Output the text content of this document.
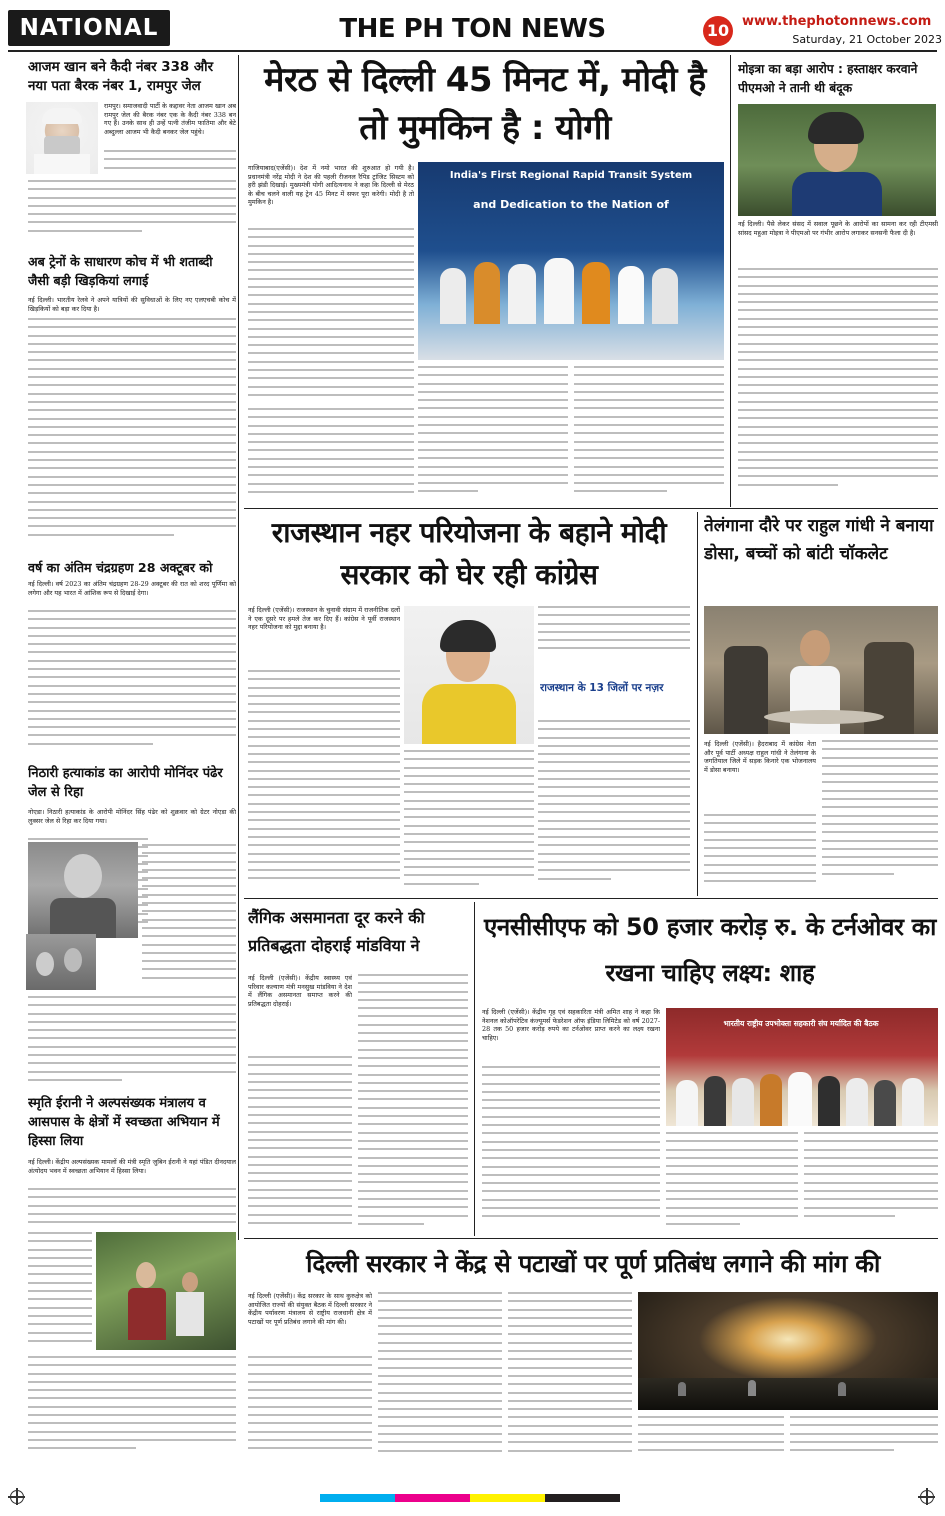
NATIONAL	THE PH TON NEWS	10 www.thephotonnews.com
Saturday, 21 October 2023
आजम खान बने कैदी नंबर 338 और नया पता बैरक नंबर 1, रामपुर जेल
रामपुर। समाजवादी पार्टी के कद्दावर नेता आजम खान अब रामपुर जेल की बैरक नंबर एक के कैदी नंबर 338 बन गए हैं। उनके साथ ही उन्‍हें पत्‍नी तंजीम फातिमा और बेटे अब्‍दुल्ला आजम भी कैदी बनकर जेल पहुंचे।
अब ट्रेनों के साधारण कोच में भी शताब्दी जैसी बड़ी खिड़कियां लगाई
नई दिल्ली। भारतीय रेलवे ने अपने यात्रियों की सुविधाओं के लिए नए एलएचबी कोच में खिड़कियों को बड़ा कर दिया है।
वर्ष का अंतिम चंद्रग्रहण 28 अक्टूबर को
नई दिल्ली। वर्ष 2023 का अंतिम चंद्रग्रहण 28-29 अक्टूबर की रात को शरद पूर्णिमा को लगेगा और यह भारत में आंशिक रूप से दिखाई देगा।
निठारी हत्याकांड का आरोपी मोनिंदर पंढेर जेल से रिहा
नोएडा। निठारी हत्याकांड के आरोपी मोनिंदर सिंह पंढेर को शुक्रवार को ग्रेटर नोएडा की लुक्सर जेल से रिहा कर दिया गया।
स्मृति ईरानी ने अल्पसंख्यक मंत्रालय व आसपास के क्षेत्रों में स्वच्छता अभियान में हिस्सा लिया
नई दिल्ली। केंद्रीय अल्पसंख्यक मामलों की मंत्री स्मृति जुबिन ईरानी ने यहां पंडित दीनदयाल अंत्योदय भवन में स्वच्छता अभियान में हिस्सा लिया।
मेरठ से दिल्ली 45 मिनट में, मोदी है तो मुमकिन है : योगी
गाजियाबाद(एजेंसी)। देश में नमो भारत की शुरुआत हो गयी है। प्रधानमंत्री नरेंद्र मोदी ने देश की पहली रीजनल रैपिड ट्रांजिट सिस्टम को हरी झंडी दिखाई। मुख्यमंत्री योगी आदित्यनाथ ने कहा कि दिल्ली से मेरठ के बीच चलने वाली यह ट्रेन 45 मिनट में सफर पूरा करेगी। मोदी है तो मुमकिन है।
India's First Regional Rapid Transit System
and Dedication to the Nation of
मोइत्रा का बड़ा आरोप : हस्ताक्षर करवाने पीएमओ ने तानी थी बंदूक
नई दिल्ली। पैसे लेकर संसद में सवाल पूछने के आरोपों का सामना कर रही टीएमसी सांसद महुआ मोइत्रा ने पीएमओ पर गंभीर आरोप लगाकर सनसनी फैला दी है।
राजस्थान नहर परियोजना के बहाने मोदी सरकार को घेर रही कांग्रेस
नई दिल्ली (एजेंसी)। राजस्थान के चुनावी संग्राम में राजनीतिक दलों ने एक दूसरे पर हमले तेज कर दिए हैं। कांग्रेस ने पूर्वी राजस्थान नहर परियोजना को मुद्दा बनाया है।
राजस्थान के 13 जिलों पर नज़र
तेलंगाना दौरे पर राहुल गांधी ने बनाया डोसा, बच्चों को बांटी चॉकलेट
नई दिल्ली (एजेंसी)। हैदराबाद में कांग्रेस नेता और पूर्व पार्टी अध्यक्ष राहुल गांधी ने तेलंगाना के जगतियाल जिले में सड़क किनारे एक भोजनालय में डोसा बनाया।
लैंगिक असमानता दूर करने की प्रतिबद्धता दोहराई मांडविया ने
नई दिल्ली (एजेंसी)। केंद्रीय स्वास्थ्य एवं परिवार कल्याण मंत्री मनसुख मांडविया ने देश में लैंगिक असमानता समाप्त करने की प्रतिबद्धता दोहराई।
एनसीसीएफ को 50 हजार करोड़ रु. के टर्नओवर का रखना चाहिए लक्ष्य: शाह
नई दिल्ली (एजेंसी)। केंद्रीय गृह एवं सहकारिता मंत्री अमित शाह ने कहा कि नेशनल कोऑपरेटिव कंज्यूमर्स फेडरेशन ऑफ इंडिया लिमिटेड को वर्ष 2027-28 तक 50 हजार करोड़ रुपये का टर्नओवर प्राप्त करने का लक्ष्य रखना चाहिए।
भारतीय राष्ट्रीय उपभोक्ता सहकारी संघ मर्यादित की बैठक
दिल्ली सरकार ने केंद्र से पटाखों पर पूर्ण प्रतिबंध लगाने की मांग की
नई दिल्ली (एजेंसी)। केंद्र सरकार के साथ कुरुक्षेत्र को आयोजित राज्यों की संयुक्त बैठक में दिल्ली सरकार ने केंद्रीय पर्यावरण मंत्रालय से राष्ट्रीय राजधानी क्षेत्र में पटाखों पर पूर्ण प्रतिबंध लगाने की मांग की।
